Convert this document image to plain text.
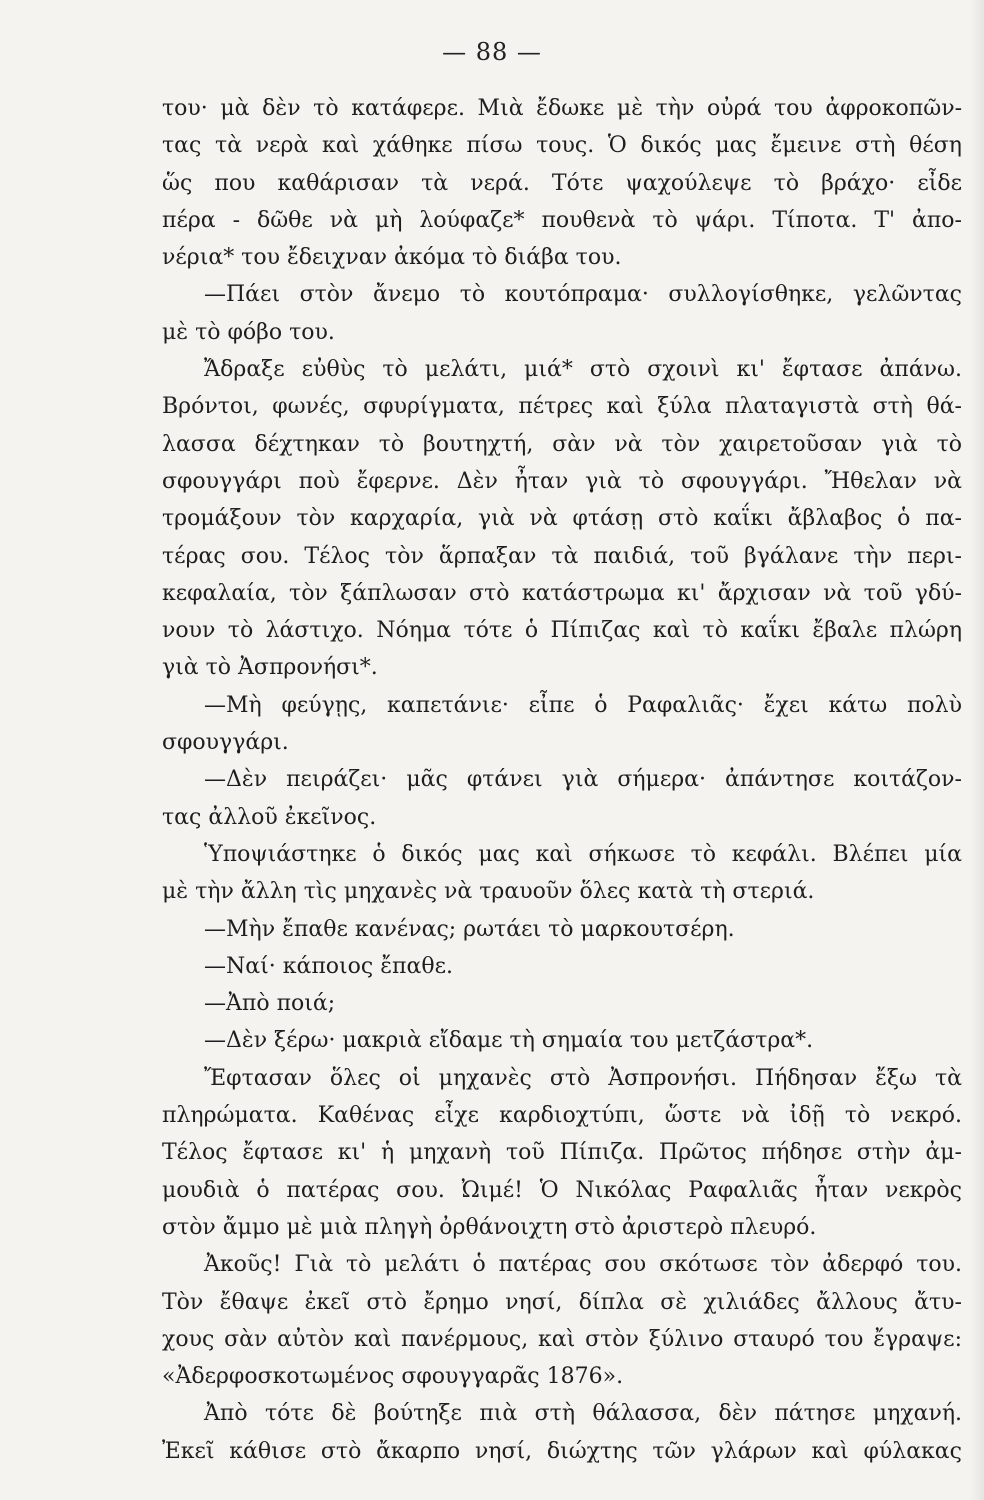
— 88 —
του· μὰ δὲν τὸ κατάφερε. Μιὰ ἔδωκε μὲ τὴν οὐρά του ἀφροκοπῶν-
τας τὰ νερὰ καὶ χάθηκε πίσω τους. Ὁ δικός μας ἔμεινε στὴ θέση
ὥς που καθάρισαν τὰ νερά. Τότε ψαχούλεψε τὸ βράχο· εἶδε
πέρα - δῶθε νὰ μὴ λούφαζε* πουθενὰ τὸ ψάρι. Τίποτα. Τ' ἀπο-
νέρια* του ἔδειχναν ἀκόμα τὸ διάβα του.
—Πάει στὸν ἄνεμο τὸ κουτόπραμα· συλλογίσθηκε, γελῶντας
μὲ τὸ φόβο του.
Ἄδραξε εὐθὺς τὸ μελάτι, μιά* στὸ σχοινὶ κι' ἔφτασε ἀπάνω.
Βρόντοι, φωνές, σφυρίγματα, πέτρες καὶ ξύλα πλαταγιστὰ στὴ θά-
λασσα δέχτηκαν τὸ βουτηχτή, σὰν νὰ τὸν χαιρετοῦσαν γιὰ τὸ
σφουγγάρι ποὺ ἔφερνε. Δὲν ἦταν γιὰ τὸ σφουγγάρι. Ἤθελαν νὰ
τρομάξουν τὸν καρχαρία, γιὰ νὰ φτάσῃ στὸ καΐκι ἄβλαβος ὁ πα-
τέρας σου. Τέλος τὸν ἅρπαξαν τὰ παιδιά, τοῦ βγάλανε τὴν περι-
κεφαλαία, τὸν ξάπλωσαν στὸ κατάστρωμα κι' ἄρχισαν νὰ τοῦ γδύ-
νουν τὸ λάστιχο. Νόημα τότε ὁ Πίπιζας καὶ τὸ καΐκι ἔβαλε πλώρη
γιὰ τὸ Ἀσπρονήσι*.
—Μὴ φεύγῃς, καπετάνιε· εἶπε ὁ Ραφαλιᾶς· ἔχει κάτω πολὺ
σφουγγάρι.
—Δὲν πειράζει· μᾶς φτάνει γιὰ σήμερα· ἀπάντησε κοιτάζον-
τας ἀλλοῦ ἐκεῖνος.
Ὑποψιάστηκε ὁ δικός μας καὶ σήκωσε τὸ κεφάλι. Βλέπει μία
μὲ τὴν ἄλλη τὶς μηχανὲς νὰ τραυοῦν ὅλες κατὰ τὴ στεριά.
—Μὴν ἔπαθε κανένας; ρωτάει τὸ μαρκουτσέρη.
—Ναί· κάποιος ἔπαθε.
—Ἀπὸ ποιά;
—Δὲν ξέρω· μακριὰ εἴδαμε τὴ σημαία του μετζάστρα*.
Ἔφτασαν ὅλες οἱ μηχανὲς στὸ Ἀσπρονήσι. Πήδησαν ἔξω τὰ
πληρώματα. Καθένας εἶχε καρδιοχτύπι, ὥστε νὰ ἰδῇ τὸ νεκρό.
Τέλος ἔφτασε κι' ἡ μηχανὴ τοῦ Πίπιζα. Πρῶτος πήδησε στὴν ἀμ-
μουδιὰ ὁ πατέρας σου. Ὠιμέ! Ὁ Νικόλας Ραφαλιᾶς ἦταν νεκρὸς
στὸν ἄμμο μὲ μιὰ πληγὴ ὀρθάνοιχτη στὸ ἀριστερὸ πλευρό.
Ἀκοῦς! Γιὰ τὸ μελάτι ὁ πατέρας σου σκότωσε τὸν ἀδερφό του.
Τὸν ἔθαψε ἐκεῖ στὸ ἔρημο νησί, δίπλα σὲ χιλιάδες ἄλλους ἄτυ-
χους σὰν αὐτὸν καὶ πανέρμους, καὶ στὸν ξύλινο σταυρό του ἔγραψε:
«Ἀδερφοσκοτωμένος σφουγγαρᾶς 1876».
Ἀπὸ τότε δὲ βούτηξε πιὰ στὴ θάλασσα, δὲν πάτησε μηχανή.
Ἐκεῖ κάθισε στὸ ἄκαρπο νησί, διώχτης τῶν γλάρων καὶ φύλακας
